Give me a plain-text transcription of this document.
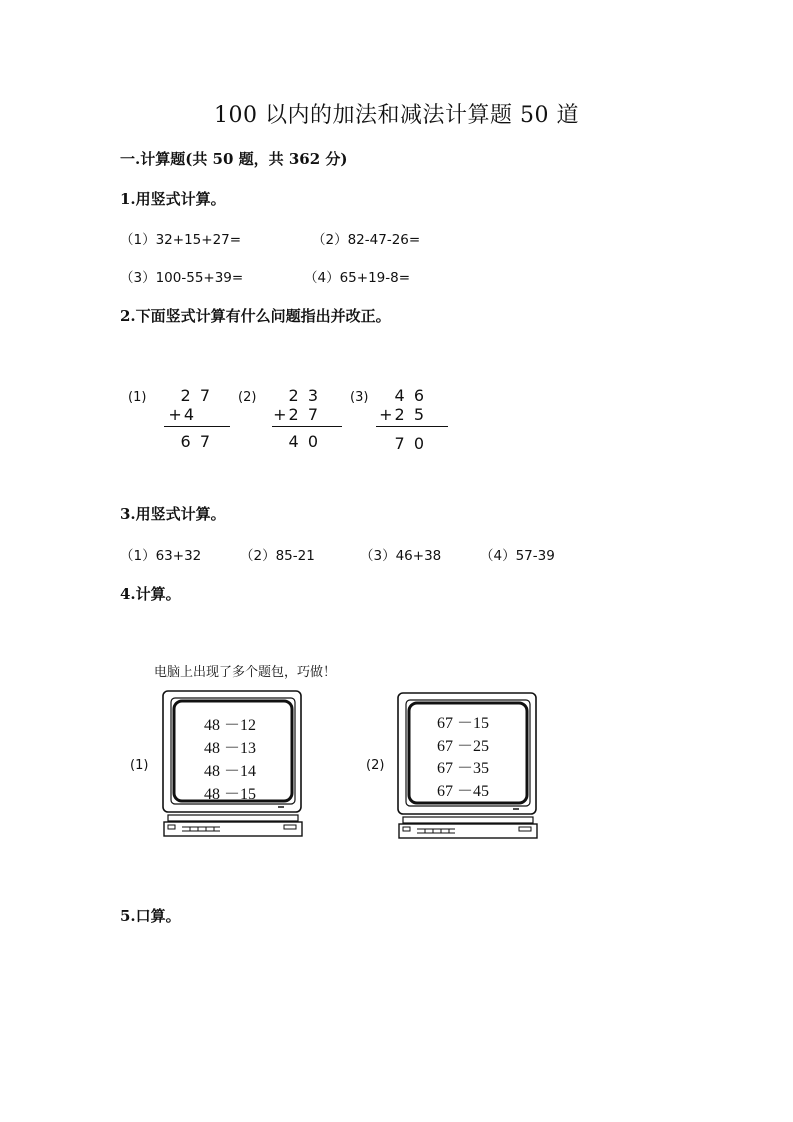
100 以内的加法和减法计算题 50 道
一.计算题(共 50 题，共 362 分)
1.用竖式计算。
（1）32+15+27=	（2）82-47-26=
（3）100-55+39=	（4）65+19-8=
2.下面竖式计算有什么问题指出并改正。
(1)	2 7
+4
6 7
(2)	2 3
+2 7
4 0
(3)	4 6
+2 5
7 0
3.用竖式计算。
（1）63+32	（2）85-21	（3）46+38	（4）57-39
4.计算。
电脑上出现了多个题包，巧做！
(1)
48 －12
48 －13
48 －14
48 －15
(2)
67 －15
67 －25
67 －35
67 －45
5.口算。
